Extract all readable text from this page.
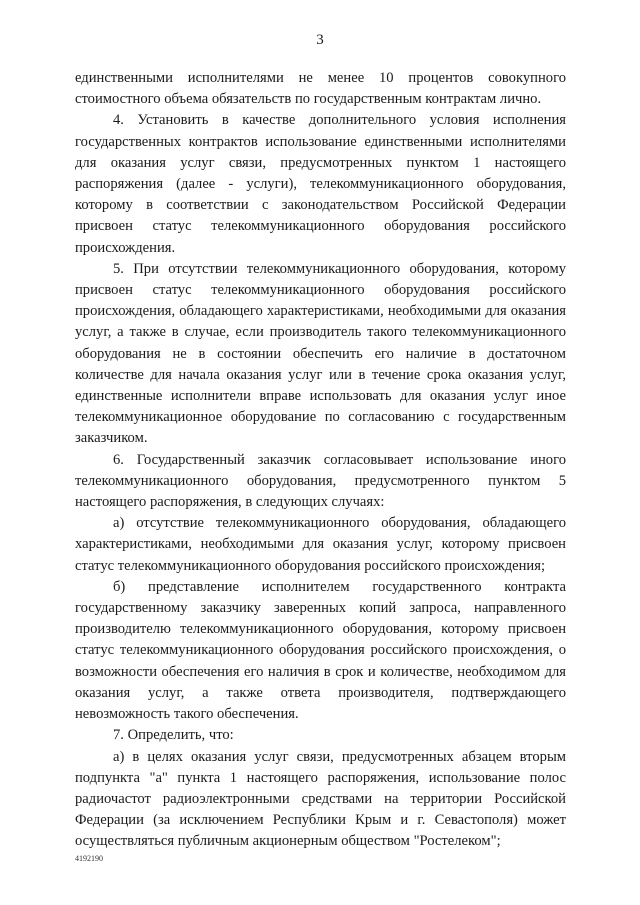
3

единственными исполнителями не менее 10 процентов совокупного стоимостного объема обязательств по государственным контрактам лично.

4. Установить в качестве дополнительного условия исполнения государственных контрактов использование единственными исполнителями для оказания услуг связи, предусмотренных пунктом 1 настоящего распоряжения (далее - услуги), телекоммуникационного оборудования, которому в соответствии с законодательством Российской Федерации присвоен статус телекоммуникационного оборудования российского происхождения.

5. При отсутствии телекоммуникационного оборудования, которому присвоен статус телекоммуникационного оборудования российского происхождения, обладающего характеристиками, необходимыми для оказания услуг, а также в случае, если производитель такого телекоммуникационного оборудования не в состоянии обеспечить его наличие в достаточном количестве для начала оказания услуг или в течение срока оказания услуг, единственные исполнители вправе использовать для оказания услуг иное телекоммуникационное оборудование по согласованию с государственным заказчиком.

6. Государственный заказчик согласовывает использование иного телекоммуникационного оборудования, предусмотренного пунктом 5 настоящего распоряжения, в следующих случаях:

а) отсутствие телекоммуникационного оборудования, обладающего характеристиками, необходимыми для оказания услуг, которому присвоен статус телекоммуникационного оборудования российского происхождения;

б) представление исполнителем государственного контракта государственному заказчику заверенных копий запроса, направленного производителю телекоммуникационного оборудования, которому присвоен статус телекоммуникационного оборудования российского происхождения, о возможности обеспечения его наличия в срок и количестве, необходимом для оказания услуг, а также ответа производителя, подтверждающего невозможность такого обеспечения.

7. Определить, что:

а) в целях оказания услуг связи, предусмотренных абзацем вторым подпункта "а" пункта 1 настоящего распоряжения, использование полос радиочастот радиоэлектронными средствами на территории Российской Федерации (за исключением Республики Крым и г. Севастополя) может осуществляться публичным акционерным обществом "Ростелеком";

4192190
